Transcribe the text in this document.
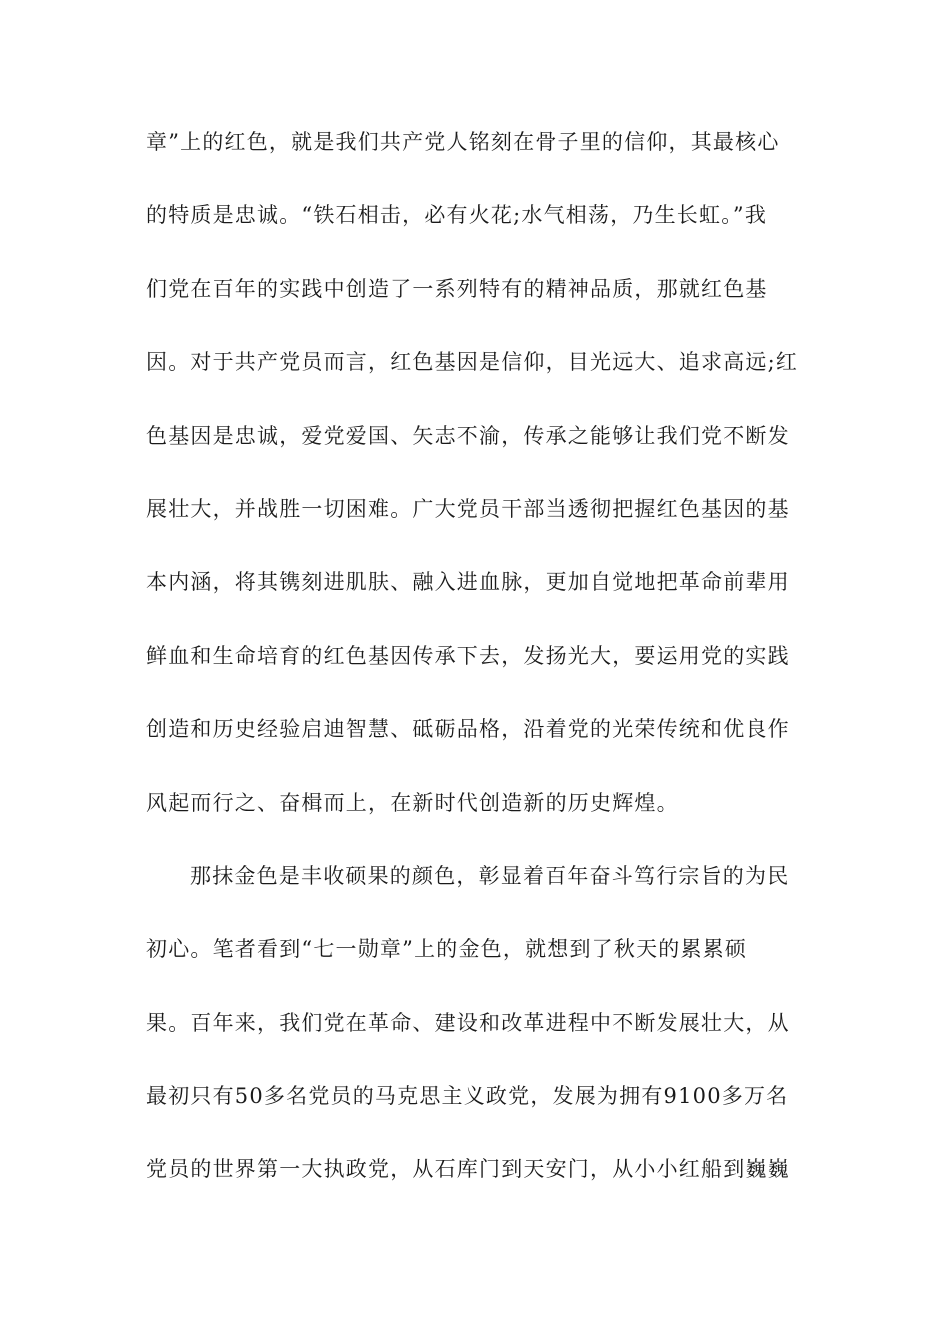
章”上的红色，就是我们共产党人铭刻在骨子里的信仰，其最核心
的特质是忠诚。“铁石相击，必有火花;水气相荡，乃生长虹。”我
们党在百年的实践中创造了一系列特有的精神品质，那就红色基
因。对于共产党员而言，红色基因是信仰，目光远大、追求高远;红
色基因是忠诚，爱党爱国、矢志不渝，传承之能够让我们党不断发
展壮大，并战胜一切困难。广大党员干部当透彻把握红色基因的基
本内涵，将其镌刻进肌肤、融入进血脉，更加自觉地把革命前辈用
鲜血和生命培育的红色基因传承下去，发扬光大，要运用党的实践
创造和历史经验启迪智慧、砥砺品格，沿着党的光荣传统和优良作
风起而行之、奋楫而上，在新时代创造新的历史辉煌。
那抹金色是丰收硕果的颜色，彰显着百年奋斗笃行宗旨的为民
初心。笔者看到“七一勋章”上的金色，就想到了秋天的累累硕
果。百年来，我们党在革命、建设和改革进程中不断发展壮大，从
最初只有50多名党员的马克思主义政党，发展为拥有9100多万名
党员的世界第一大执政党，从石库门到天安门，从小小红船到巍巍
